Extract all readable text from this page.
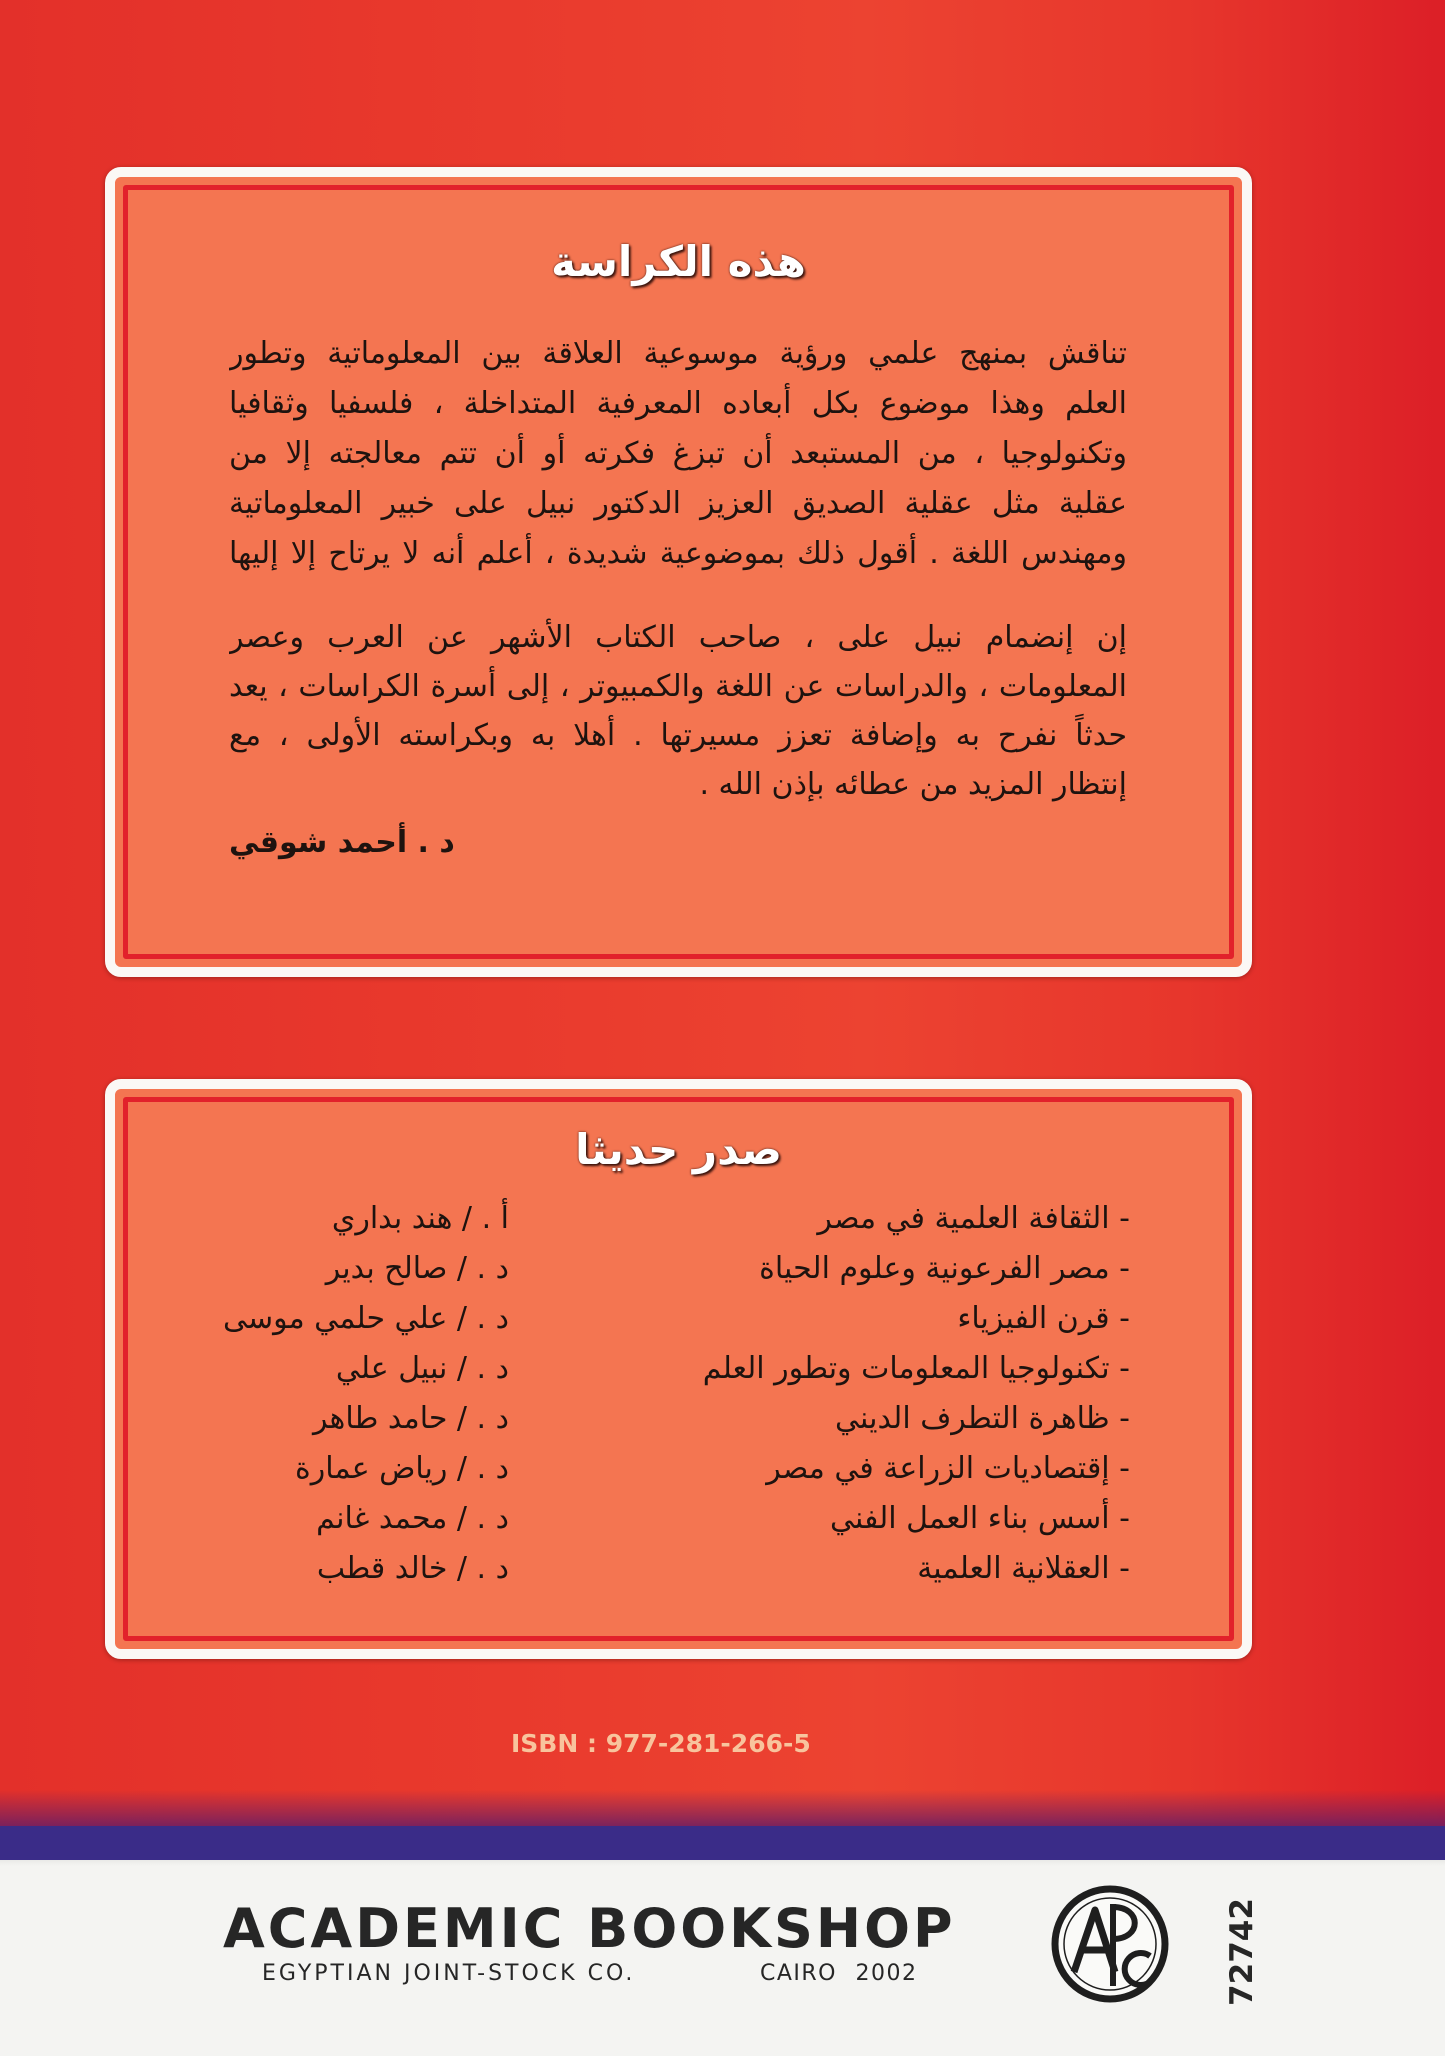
هذه الكراسة
تناقش بمنهج علمي ورؤية موسوعية العلاقة بين المعلوماتية وتطور
العلم وهذا موضوع بكل أبعاده المعرفية المتداخلة ، فلسفيا وثقافيا
وتكنولوجيا ، من المستبعد أن تبزغ فكرته أو أن تتم معالجته إلا من
عقلية مثل عقلية الصديق العزيز الدكتور نبيل على خبير المعلوماتية
ومهندس اللغة . أقول ذلك بموضوعية شديدة ، أعلم أنه لا يرتاح إلا إليها
إن إنضمام نبيل على ، صاحب الكتاب الأشهر عن العرب وعصر
المعلومات ، والدراسات عن اللغة والكمبيوتر ، إلى أسرة الكراسات ، يعد
حدثاً نفرح به وإضافة تعزز مسيرتها . أهلا به وبكراسته الأولى ، مع
إنتظار المزيد من عطائه بإذن الله .
د . أحمد شوقي
صدر حديثا
- الثقافة العلمية في مصر
أ . / هند بداري
- مصر الفرعونية وعلوم الحياة
د . / صالح بدير
- قرن الفيزياء
د . / علي حلمي موسى
- تكنولوجيا المعلومات وتطور العلم
د . / نبيل علي
- ظاهرة التطرف الديني
د . / حامد طاهر
- إقتصاديات الزراعة في مصر
د . / رياض عمارة
- أسس بناء العمل الفني
د . / محمد غانم
- العقلانية العلمية
د . / خالد قطب
ISBN : 977-281-266-5
ACADEMIC BOOKSHOP
EGYPTIAN JOINT-STOCK CO.	CAIRO 2002	72742
